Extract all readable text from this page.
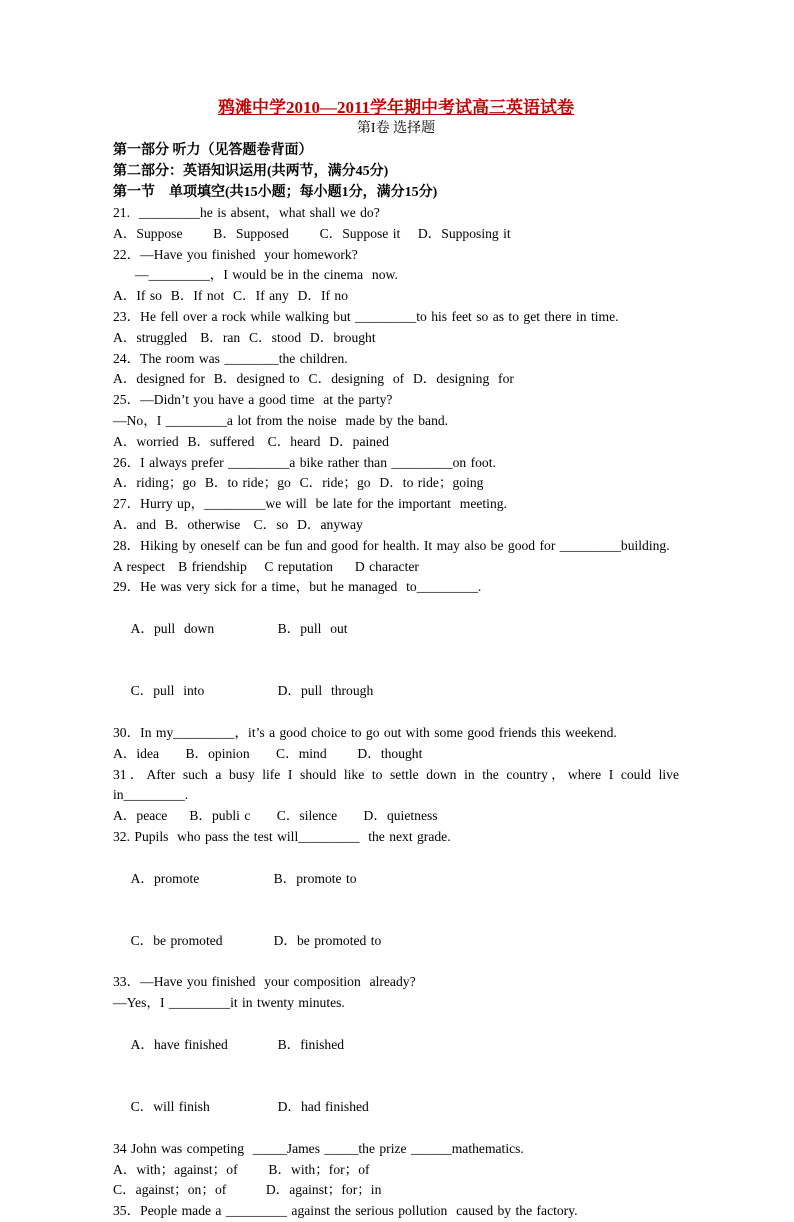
鸦滩中学2010—2011学年期中考试高三英语试卷
第I卷 选择题
第一部分 听力（见答题卷背面）
第二部分：英语知识运用(共两节，满分45分)
第一节    单项填空(共15小题；每小题1分，满分15分)
21.  _________he is absent，what shall we do?
A．Suppose       B．Supposed       C．Suppose it    D．Supposing it
22．—Have you finished  your homework?
—_________，I would be in the cinema  now.
A．If so  B．If not  C．If any  D．If no
23．He fell over a rock while walking but _________to his feet so as to get there in time.
A．struggled   B．ran  C．stood  D．brought
24．The room was ________the children.
A．designed for  B．designed to  C．designing  of  D．designing  for
25．—Didn’t you have a good time  at the party?
—No，I _________a lot from the noise  made by the band.
A．worried  B．suffered   C．heard  D．pained
26．I always prefer _________a bike rather than _________on foot.
A．riding；go  B．to ride；go  C．ride；go  D．to ride；going
27．Hurry up，_________we will  be late for the important  meeting.
A．and  B．otherwise   C．so  D．anyway
28．Hiking by oneself can be fun and good for health. It may also be good for _________building.
A respect   B friendship    C reputation     D character
29．He was very sick for a time，but he managed  to_________.

A．pull  down	B．pull  out

C．pull  into	D．pull  through

30．In my_________，it’s a good choice to go out with some good friends this weekend.
A．idea      B．opinion      C．mind       D．thought
31．After such a busy life I should like to settle down in the country，where I could live in_________.
A．peace     B．publi c      C．silence      D．quietness
32. Pupils  who pass the test will_________  the next grade.

A．promote	B．promote to

C．be promoted	D．be promoted to

33．—Have you finished  your composition  already?
—Yes，I _________it in twenty minutes.

A．have finished	B．finished

C．will finish	D．had finished

34 John was competing  _____James _____the prize ______mathematics.
A．with；against；of       B．with；for；of
C．against；on；of         D．against；for；in
35．People made a _________ against the serious pollution  caused by the factory.
